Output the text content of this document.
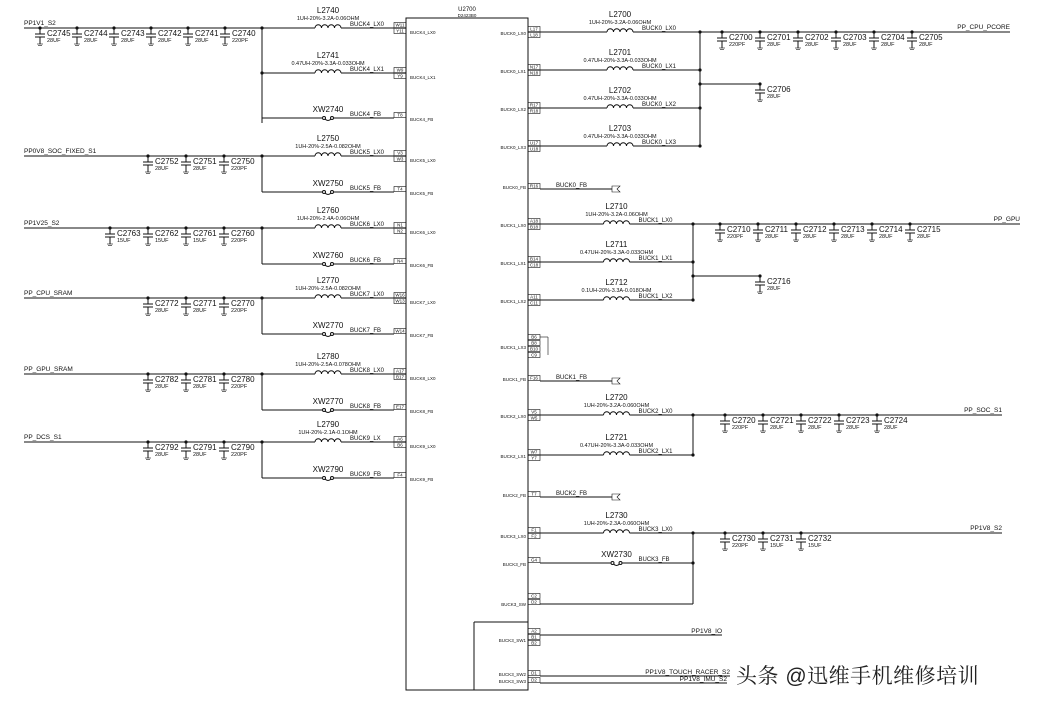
U2700
D2423B0
PP1V1_S2
C2745
28UF
C2744
28UF
C2743
28UF
C2742
28UF
C2741
28UF
C2740
220PF
L2740
1UH-20%-3.2A-0.06OHM
BUCK4_LX0	W11
Y11 BUCK4_LX0
L2741
0.47UH-20%-3.3A-0.033OHM
BUCK4_LX1	W9
Y9 BUCK4_LX1
XW2740
BUCK4_FB	T8
BUCK4_FB
PP0V8_SOC_FIXED_S1
C2752
28UF
C2751
28UF
C2750
220PF
L2750
1UH-20%-2.5A-0.082OHM
BUCK5_LX0	V3
W3 BUCK5_LX0
XW2750
BUCK5_FB	T4
BUCK5_FB
PP1V25_S2
C2763
15UF
C2762
15UF
C2761
15UF
C2760
220PF
L2760
1UH-20%-2.4A-0.06OHM
BUCK6_LX0	N1
N2 BUCK6_LX0
XW2760
BUCK6_FB	N4
BUCK6_FB
PP_CPU_SRAM
C2772
28UF
C2771
28UF
C2770
220PF
L2770
1UH-20%-2.5A-0.082OHM
BUCK7_LX0	W16
W13 BUCK7_LX0
XW2770
BUCK7_FB	W14
BUCK7_FB
PP_GPU_SRAM
C2782
28UF
C2781
28UF
C2780
220PF
L2780
1UH-20%-2.5A-0.078OHM
BUCK8_LX0	A17
B17 BUCK8_LX0
XW2770
BUCK8_FB	E17
BUCK8_FB
PP_DCS_S1
C2792
28UF
C2791
28UF
C2790
220PF
L2790
1UH-20%-2.1A-0.1OHM
BUCK9_LX	A6
B6 BUCK9_LX0
XW2790
BUCK9_FB	F4
BUCK9_FB
L17
L18
BUCK0_LX0
L2700
1UH-20%-3.2A-0.06OHM
BUCK0_LX0
N17
N18
BUCK0_LX1
L2701
0.47UH-20%-3.3A-0.033OHM
BUCK0_LX1
R17
R18
BUCK0_LX2
L2702
0.47UH-20%-3.3A-0.033OHM
BUCK0_LX2
U17
U18
BUCK0_LX3
L2703
0.47UH-20%-3.3A-0.033OHM
BUCK0_LX3
PP_CPU_PCORE
C2700
220PF
C2701
28UF
C2702
28UF
C2703
28UF
C2704
28UF
C2705
28UF
C2706
28UF
BUCK0_FB R16	BUCK0_FB
A18
B18
BUCK1_LX0
L2710
1UH-20%-3.2A-0.06OHM
BUCK1_LX0
B14
C18
BUCK1_LX1
L2711
0.47UH-20%-3.3A-0.033OHM
BUCK1_LX1
A11
C11
BUCK1_LX2
L2712
0.1UH-20%-3.3A-0.018OHM
BUCK1_LX2
PP_GPU
C2710
220PF
C2711
28UF
C2712
28UF
C2713
28UF
C2714
28UF
C2715
28UF
C2716
28UF
BUCK1_LX3
B6
B8
B10
C9
BUCK1_FB F16	BUCK1_FB
V5
W5
BUCK2_LX0
L2720
1UH-20%-3.2A-0.060OHM
BUCK2_LX0
W7
Y7
BUCK2_LX1
L2721
0.47UH-20%-3.3A-0.033OHM
BUCK2_LX1
PP_SOC_S1
C2720
220PF
C2721
28UF
C2722
28UF
C2723
28UF
C2724
28UF
BUCK2_FB T7	BUCK2_FB
F1
F2
BUCK3_LX0
L2730
1UH-20%-2.3A-0.060OHM
BUCK3_LX0	PP1V8_S2
C2730
220PF
C2731
15UF
C2732
15UF
BUCK3_FB
G4
XW2730
BUCK3_FB
BUCK3_SW
C2
D2
BUCK3_SW1
A2
B1
B2
PP1V8_IO
BUCK3_SW2 D1	PP1V8_TOUCH_RACER_S2
BUCK3_SW3 D2	PP1V8_IMU_S2 头条 @迅维手机维修培训
